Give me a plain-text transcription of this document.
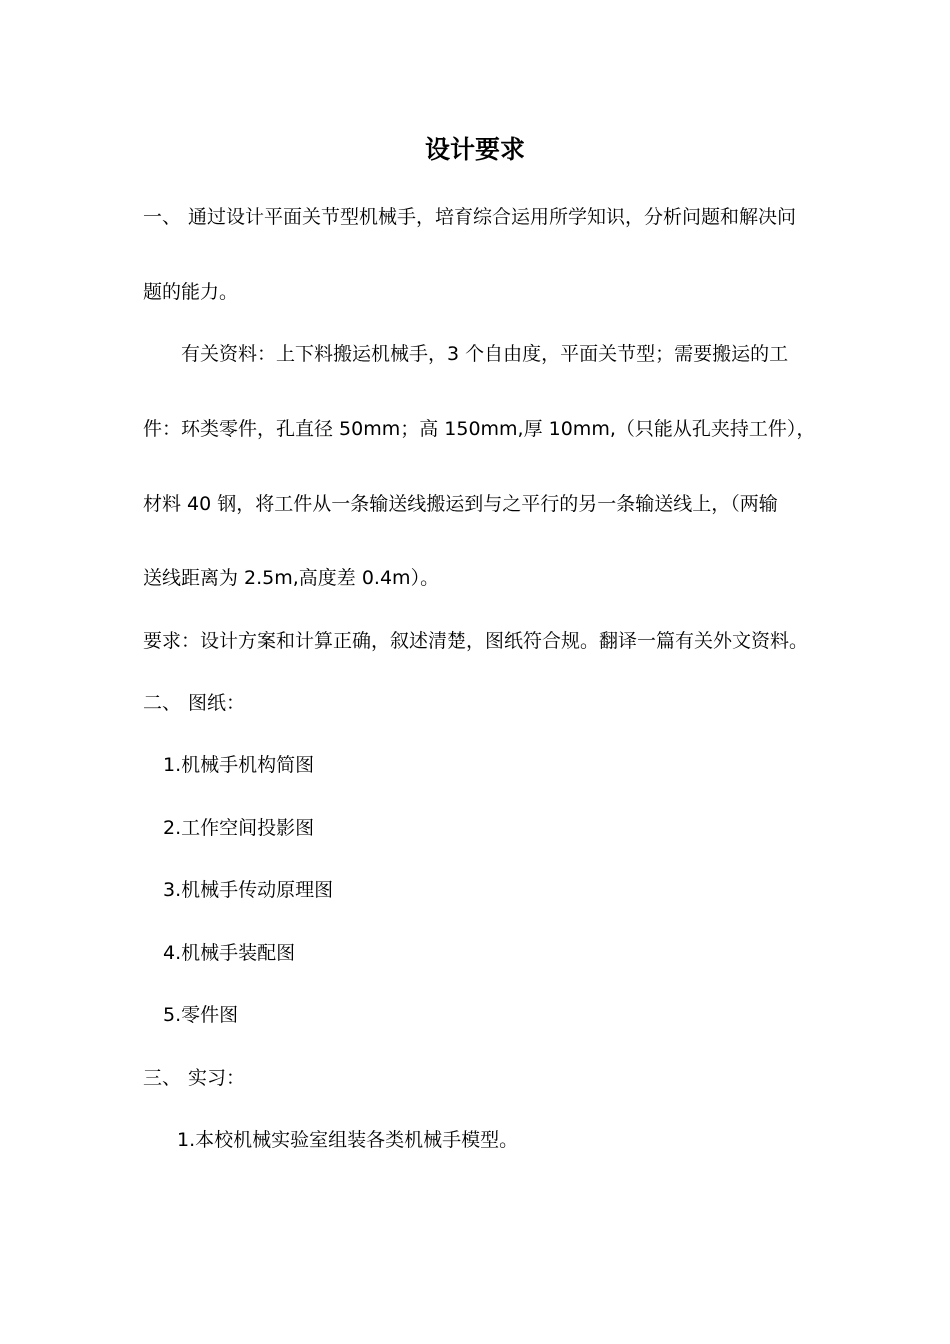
设计要求
一、 通过设计平面关节型机械手，培育综合运用所学知识，分析问题和解决问
题的能力。
有关资料：上下料搬运机械手，3 个自由度，平面关节型；需要搬运的工
件：环类零件，孔直径 50mm；高 150mm,厚 10mm,（只能从孔夹持工件），
材料 40 钢，将工件从一条输送线搬运到与之平行的另一条输送线上，（两输
送线距离为 2.5m,高度差 0.4m）。
要求：设计方案和计算正确，叙述清楚，图纸符合规。翻译一篇有关外文资料。
二、 图纸：
1.机械手机构简图
2.工作空间投影图
3.机械手传动原理图
4.机械手装配图
5.零件图
三、 实习：
1.本校机械实验室组装各类机械手模型。
